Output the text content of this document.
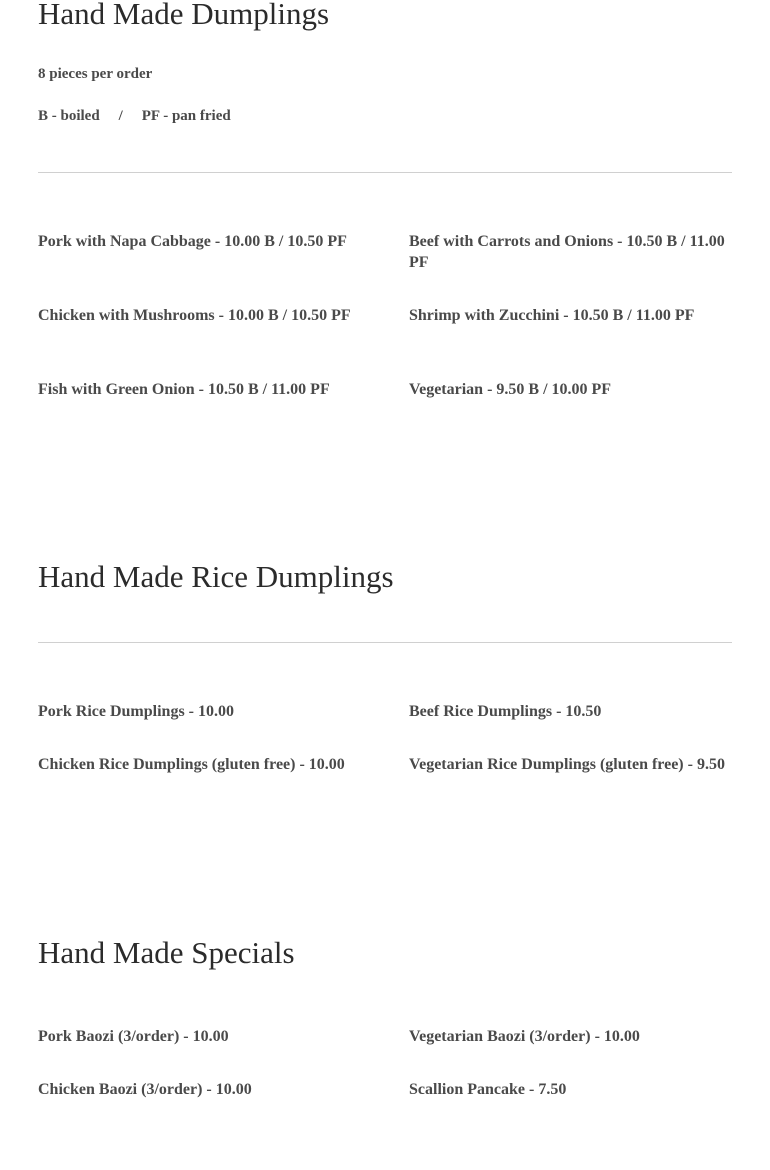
Hand Made Dumplings

8 pieces per order

B - boiled / PF - pan fried

Pork with Napa Cabbage - 10.00 B / 10.50 PF	Beef with Carrots and Onions - 10.50 B / 11.00 PF

Chicken with Mushrooms - 10.00 B / 10.50 PF	Shrimp with Zucchini - 10.50 B / 11.00 PF

Fish with Green Onion - 10.50 B / 11.00 PF	Vegetarian - 9.50 B / 10.00 PF

Hand Made Rice Dumplings

Pork Rice Dumplings - 10.00	Beef Rice Dumplings - 10.50

Chicken Rice Dumplings (gluten free) - 10.00	Vegetarian Rice Dumplings (gluten free) - 9.50

Hand Made Specials

Pork Baozi (3/order) - 10.00	Vegetarian Baozi (3/order) - 10.00

Chicken Baozi (3/order) - 10.00	Scallion Pancake - 7.50
